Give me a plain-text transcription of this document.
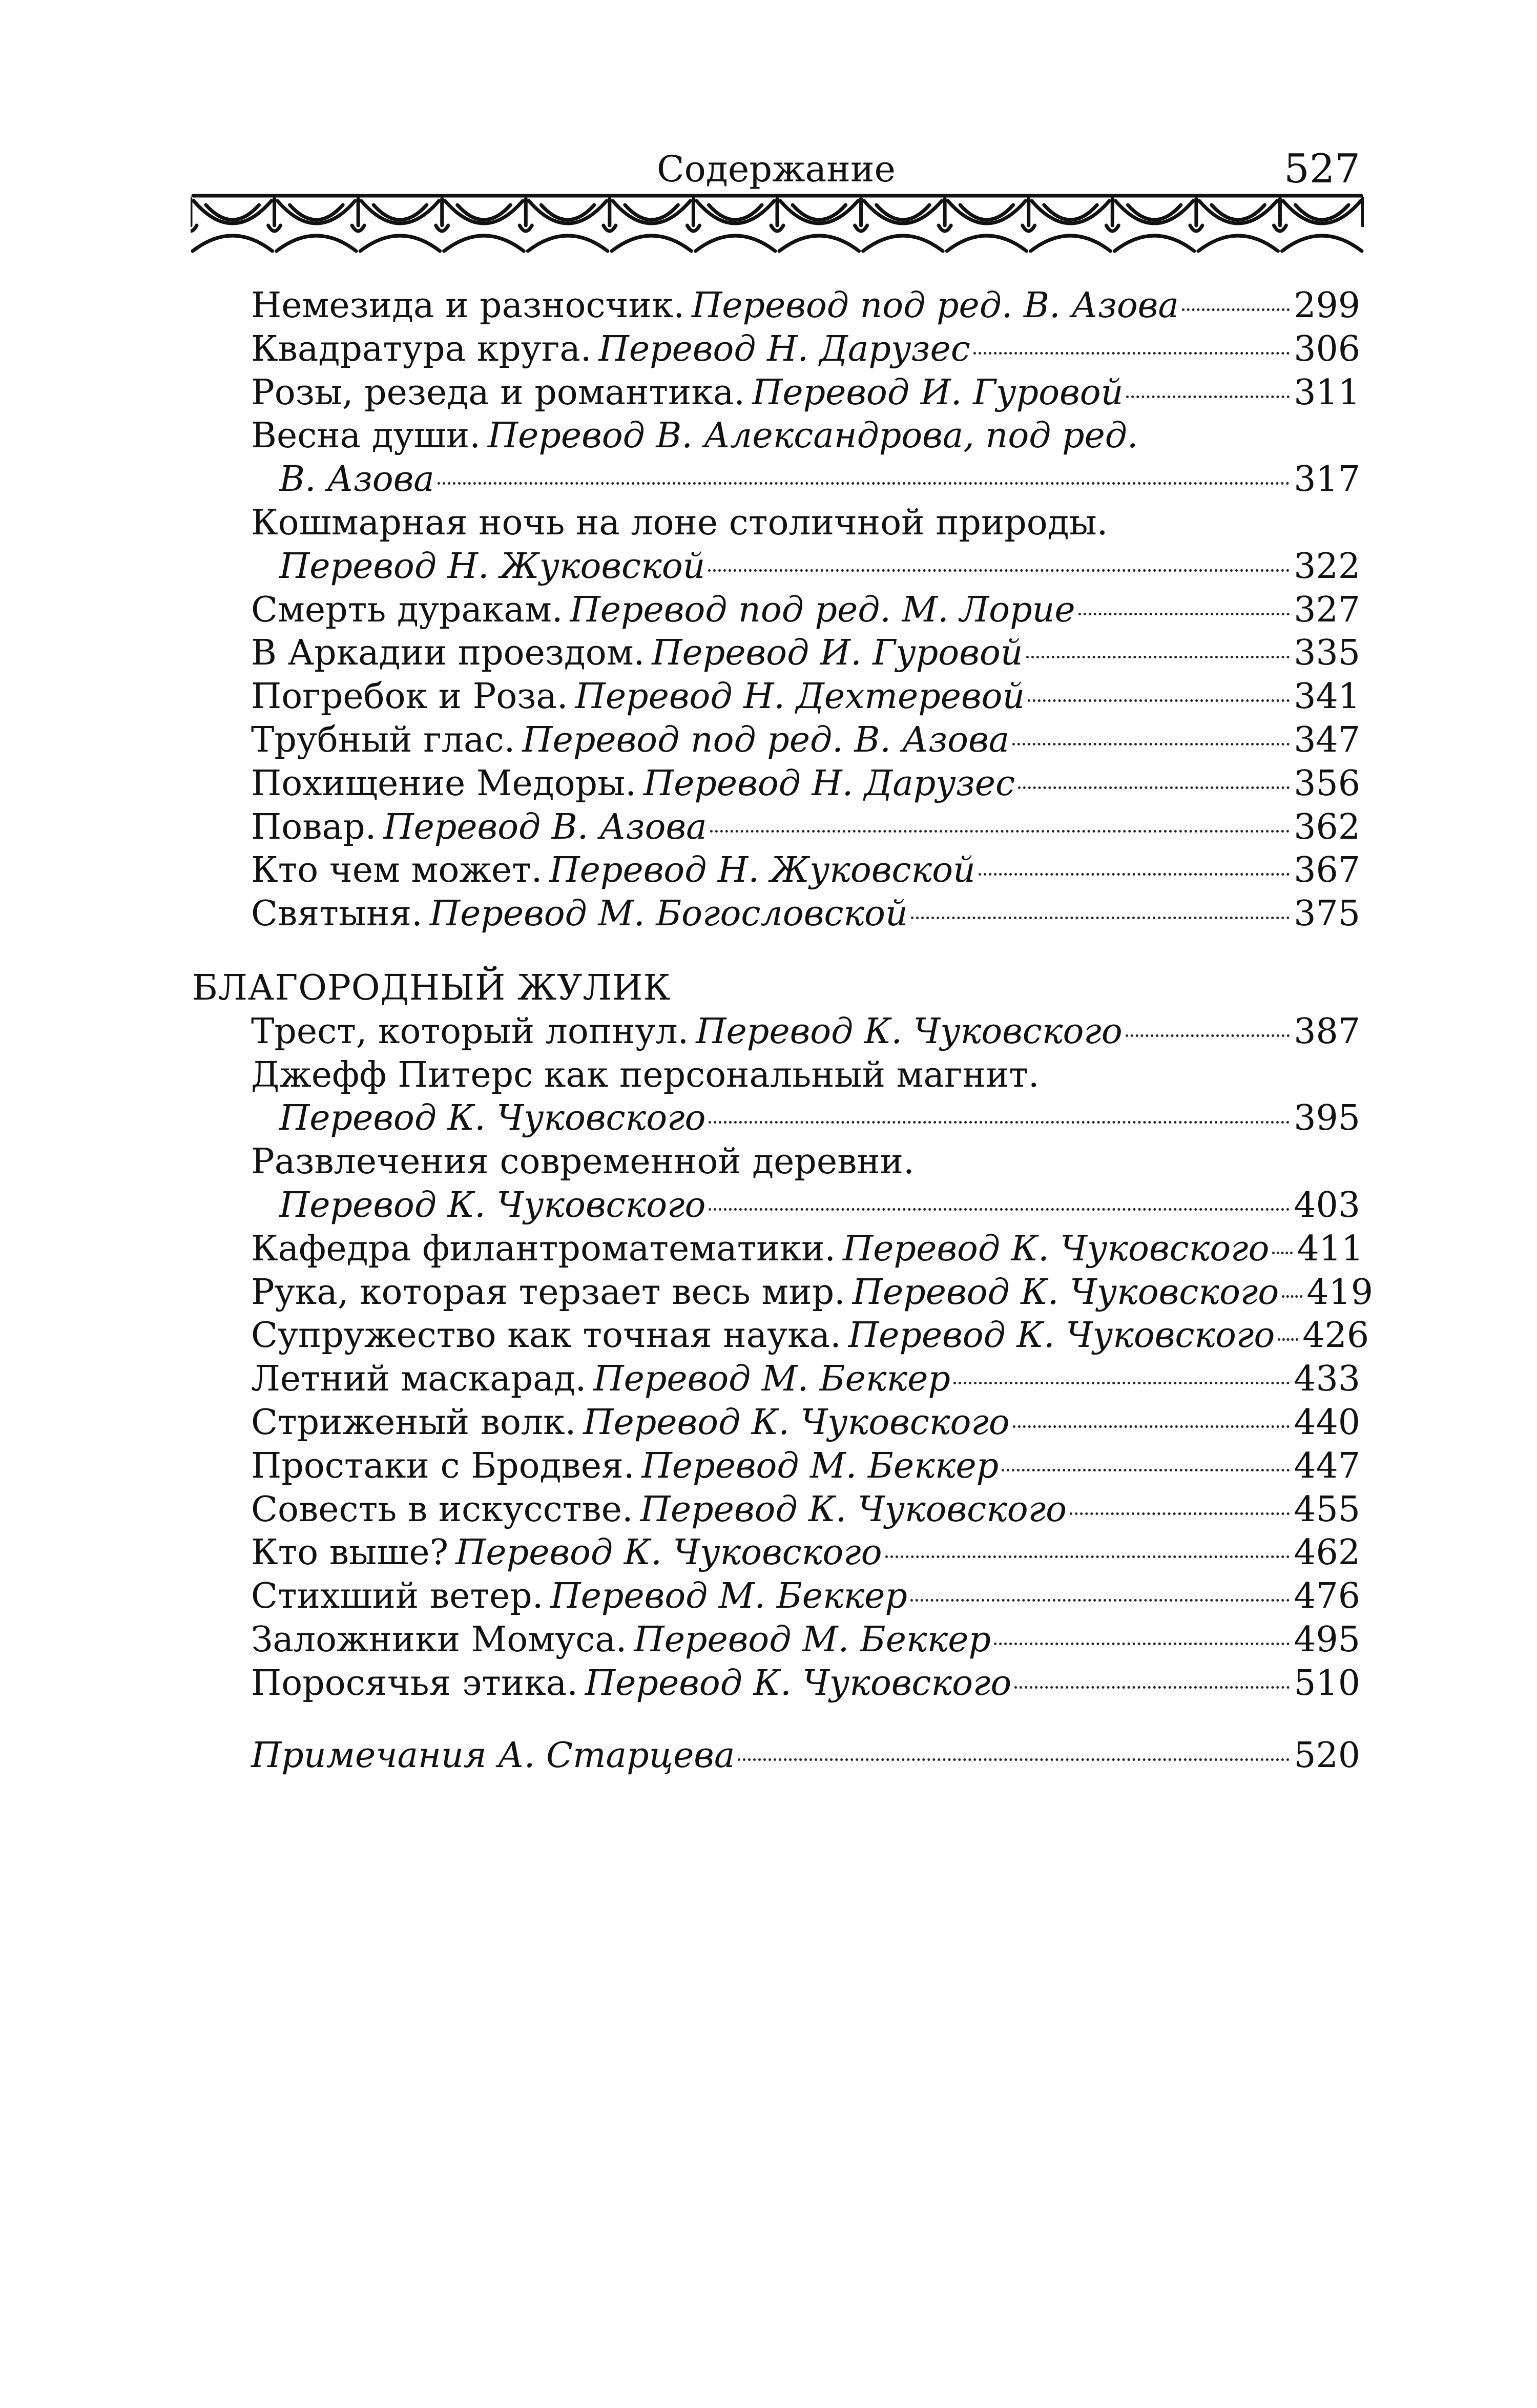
Содержание	527
Немезида и разносчик. Перевод под ред. В. Азова	299
Квадратура круга. Перевод Н. Дарузес	306
Розы, резеда и романтика. Перевод И. Гуровой	311
Весна души. Перевод В. Александрова, под ред.
В. Азова	317
Кошмарная ночь на лоне столичной природы.
Перевод Н. Жуковской	322
Смерть дуракам. Перевод под ред. М. Лорие	327
В Аркадии проездом. Перевод И. Гуровой	335
Погребок и Роза. Перевод Н. Дехтеревой	341
Трубный глас. Перевод под ред. В. Азова	347
Похищение Медоры. Перевод Н. Дарузес	356
Повар. Перевод В. Азова	362
Кто чем может. Перевод Н. Жуковской	367
Святыня. Перевод М. Богословской	375
БЛАГОРОДНЫЙ ЖУЛИК
Трест, который лопнул. Перевод К. Чуковского	387
Джефф Питерс как персональный магнит.
Перевод К. Чуковского	395
Развлечения современной деревни.
Перевод К. Чуковского	403
Кафедра филантроматематики. Перевод К. Чуковского 411
Рука, которая терзает весь мир. Перевод К. Чуковского 419
Супружество как точная наука. Перевод К. Чуковского 426
Летний маскарад. Перевод М. Беккер	433
Стриженый волк. Перевод К. Чуковского	440
Простаки с Бродвея. Перевод М. Беккер	447
Совесть в искусстве. Перевод К. Чуковского	455
Кто выше? Перевод К. Чуковского	462
Стихший ветер. Перевод М. Беккер	476
Заложники Момуса. Перевод М. Беккер	495
Поросячья этика. Перевод К. Чуковского	510
Примечания А. Старцева	520
